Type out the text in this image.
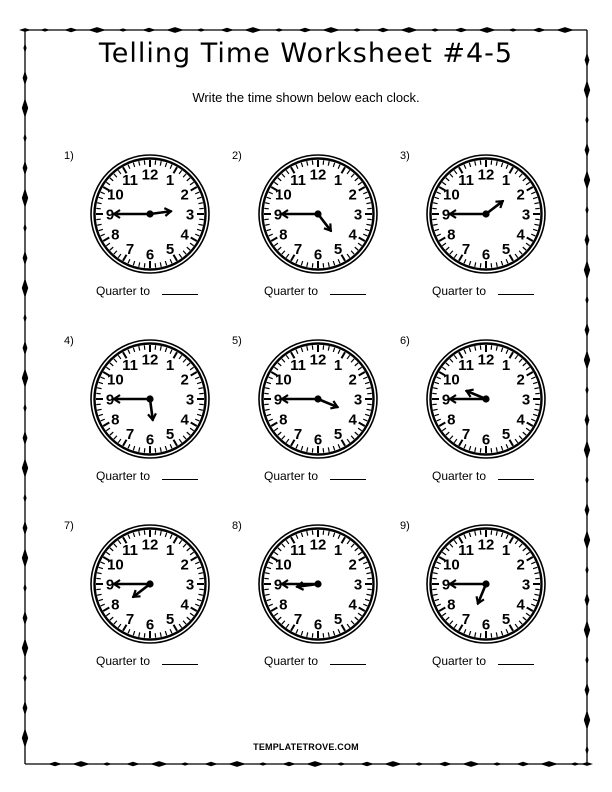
Telling Time Worksheet #4-5
Write the time shown below each clock.
1)
12 1
2
3
4
5
6
7
8
9
10
11
Quarter to
2)
12 1
2
3
4
5
6
7
8
9
10
11
Quarter to
3)
12 1
2
3
4
5
6
7
8
9
10
11
Quarter to
4)
12 1
2
3
4
5
6
7
8
9
10
11
Quarter to
5)
12 1
2
3
4
5
6
7
8
9
10
11
Quarter to
6)
12 1
2
3
4
5
6
7
8
9
10
11
Quarter to
7)
12 1
2
3
4
5
6
7
8
9
10
11
Quarter to
8)
12 1
2
3
4
5
6
7
8
9
10
11
Quarter to
9)
12 1
2
3
4
5
6
7
8
9
10
11
Quarter to
TEMPLATETROVE.COM
